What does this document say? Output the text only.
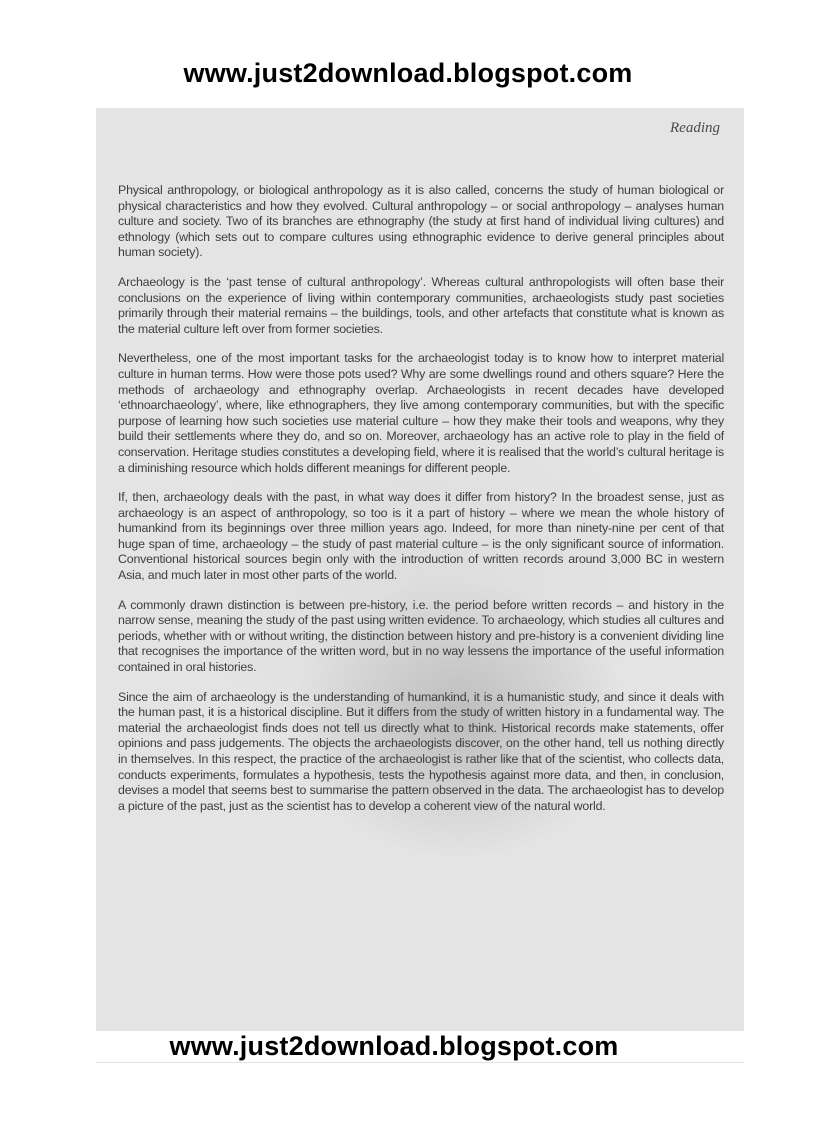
www.just2download.blogspot.com
Reading

Physical anthropology, or biological anthropology as it is also called, concerns the study of human biological or physical characteristics and how they evolved. Cultural anthropology – or social anthropology – analyses human culture and society. Two of its branches are ethnography (the study at first hand of individual living cultures) and ethnology (which sets out to compare cultures using ethnographic evidence to derive general principles about human society).

Archaeology is the ‘past tense of cultural anthropology’. Whereas cultural anthropologists will often base their conclusions on the experience of living within contemporary communities, archaeologists study past societies primarily through their material remains – the buildings, tools, and other artefacts that constitute what is known as the material culture left over from former societies.

Nevertheless, one of the most important tasks for the archaeologist today is to know how to interpret material culture in human terms. How were those pots used? Why are some dwellings round and others square? Here the methods of archaeology and ethnography overlap. Archaeologists in recent decades have developed ‘ethnoarchaeology’, where, like ethnographers, they live among contemporary communities, but with the specific purpose of learning how such societies use material culture – how they make their tools and weapons, why they build their settlements where they do, and so on. Moreover, archaeology has an active role to play in the field of conservation. Heritage studies constitutes a developing field, where it is realised that the world’s cultural heritage is a diminishing resource which holds different meanings for different people.

If, then, archaeology deals with the past, in what way does it differ from history? In the broadest sense, just as archaeology is an aspect of anthropology, so too is it a part of history – where we mean the whole history of humankind from its beginnings over three million years ago. Indeed, for more than ninety-nine per cent of that huge span of time, archaeology – the study of past material culture – is the only significant source of information. Conventional historical sources begin only with the introduction of written records around 3,000 BC in western Asia, and much later in most other parts of the world.

A commonly drawn distinction is between pre-history, i.e. the period before written records – and history in the narrow sense, meaning the study of the past using written evidence. To archaeology, which studies all cultures and periods, whether with or without writing, the distinction between history and pre-history is a convenient dividing line that recognises the importance of the written word, but in no way lessens the importance of the useful information contained in oral histories.

Since the aim of archaeology is the understanding of humankind, it is a humanistic study, and since it deals with the human past, it is a historical discipline. But it differs from the study of written history in a fundamental way. The material the archaeologist finds does not tell us directly what to think. Historical records make statements, offer opinions and pass judgements. The objects the archaeologists discover, on the other hand, tell us nothing directly in themselves. In this respect, the practice of the archaeologist is rather like that of the scientist, who collects data, conducts experiments, formulates a hypothesis, tests the hypothesis against more data, and then, in conclusion, devises a model that seems best to summarise the pattern observed in the data. The archaeologist has to develop a picture of the past, just as the scientist has to develop a coherent view of the natural world.

www.just2download.blogspot.com
